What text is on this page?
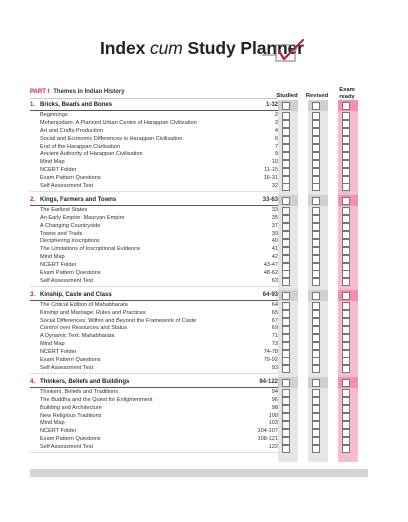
Index cum Study Planner
Studied	Revised
Exam
ready
PART I Themes in Indian History
1. Bricks, Beads and Bones	1-32
Beginnings	2
Mohenjodaro: A Planned Urban Centre of Harappan Civilisation	3
Art and Crafts Production	4
Social and Economic Differences in Harappan Civilisation	6
End of the Harappan Civilisation	7
Ancient Authority of Harappan Civilisation	9
Mind Map	10
NCERT Folder	11-15
Exam Pattern Questions	16-31
Self Assessment Test	32
2. Kings, Farmers and Towns	33-63
The Earliest States	33
An Early Empire: Mauryan Empire	35
A Changing Countryside	37
Towns and Trade	39
Deciphering Inscriptions	40
The Limitations of Inscriptional Evidence	41
Mind Map	42
NCERT Folder	43-47
Exam Pattern Questions	48-62
Self Assessment Test	63
3. Kinship, Caste and Class	64-93
The Critical Edition of Mahabharata	64
Kinship and Marriage: Rules and Practices	65
Social Differences: Within and Beyond the Framework of Caste	67
Control over Resources and Status	69
A Dynamic Text: Mahabharata	71
Mind Map	73
NCERT Folder	74-78
Exam Pattern Questions	79-92
Self Assessment Test	93
4. Thinkers, Beliefs and Buildings	94-122
Thinkers, Beliefs and Traditions	94
The Buddha and the Quest for Enlightenment	96
Building and Architecture	98
New Religious Traditions	100
Mind Map	103
NCERT Folder	104-107
Exam Pattern Questions	108-121
Self Assessment Test	122
